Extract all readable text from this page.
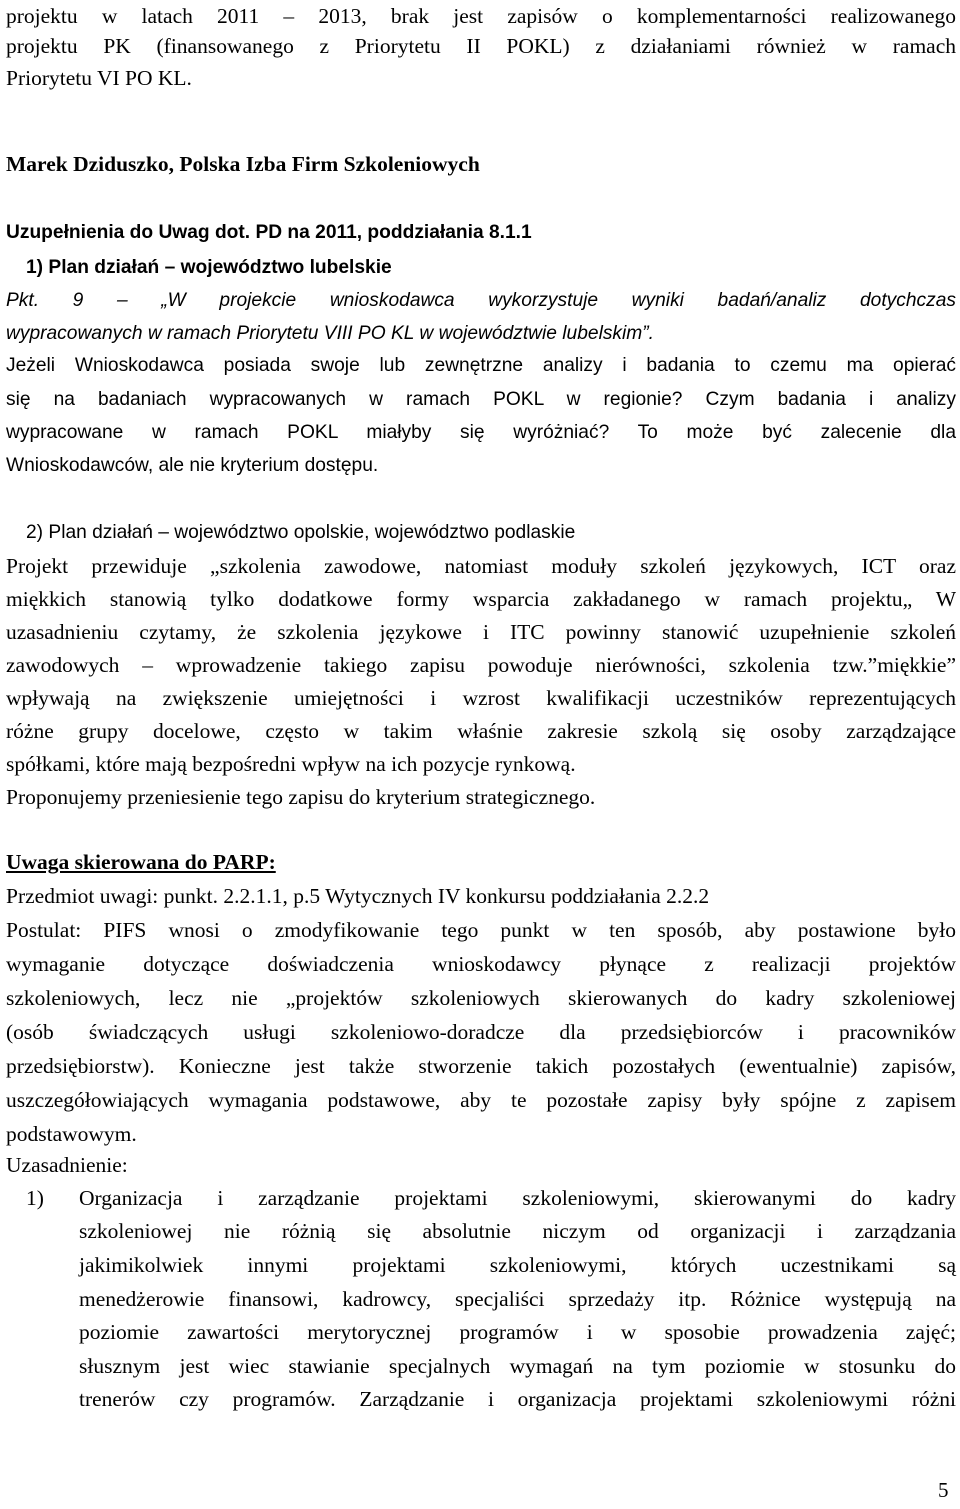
projektu w latach 2011 – 2013, brak jest zapisów o komplementarności realizowanego
projektu PK (finansowanego z Priorytetu II POKL) z działaniami również w ramach
Priorytetu VI PO KL.
Marek Dziduszko, Polska Izba Firm Szkoleniowych
Uzupełnienia do Uwag dot. PD na 2011, poddziałania 8.1.1
1) Plan działań – województwo lubelskie
Pkt. 9 – „W projekcie wnioskodawca wykorzystuje wyniki badań/analiz dotychczas
wypracowanych w ramach Priorytetu VIII PO KL w województwie lubelskim”.
Jeżeli Wnioskodawca posiada swoje lub zewnętrzne analizy i badania to czemu ma opierać
się na badaniach wypracowanych w ramach POKL w regionie? Czym badania i analizy
wypracowane w ramach POKL miałyby się wyróżniać? To może być zalecenie dla
Wnioskodawców, ale nie kryterium dostępu.
2) Plan działań – województwo opolskie, województwo podlaskie
Projekt przewiduje „szkolenia zawodowe, natomiast moduły szkoleń językowych, ICT oraz
miękkich stanowią tylko dodatkowe formy wsparcia zakładanego w ramach projektu„ W
uzasadnieniu czytamy, że szkolenia językowe i ITC powinny stanowić uzupełnienie szkoleń
zawodowych – wprowadzenie takiego zapisu powoduje nierówności, szkolenia tzw.”miękkie”
wpływają na zwiększenie umiejętności i wzrost kwalifikacji uczestników reprezentujących
różne grupy docelowe, często w takim właśnie zakresie szkolą się osoby zarządzające
spółkami, które mają bezpośredni wpływ na ich pozycje rynkową.
Proponujemy przeniesienie tego zapisu do kryterium strategicznego.
Uwaga skierowana do PARP:
Przedmiot uwagi: punkt. 2.2.1.1, p.5 Wytycznych IV konkursu poddziałania 2.2.2
Postulat: PIFS wnosi o zmodyfikowanie tego punkt w ten sposób, aby postawione było
wymaganie dotyczące doświadczenia wnioskodawcy płynące z realizacji projektów
szkoleniowych, lecz nie „projektów szkoleniowych skierowanych do kadry szkoleniowej
(osób świadczących usługi szkoleniowo-doradcze dla przedsiębiorców i pracowników
przedsiębiorstw). Konieczne jest także stworzenie takich pozostałych (ewentualnie) zapisów,
uszczegółowiających wymagania podstawowe, aby te pozostałe zapisy były spójne z zapisem
podstawowym.
Uzasadnienie:
1) Organizacja i zarządzanie projektami szkoleniowymi, skierowanymi do kadry
szkoleniowej nie różnią się absolutnie niczym od organizacji i zarządzania
jakimikolwiek innymi projektami szkoleniowymi, których uczestnikami są
menedżerowie finansowi, kadrowcy, specjaliści sprzedaży itp. Różnice występują na
poziomie zawartości merytorycznej programów i w sposobie prowadzenia zajęć;
słusznym jest wiec stawianie specjalnych wymagań na tym poziomie w stosunku do
trenerów czy programów. Zarządzanie i organizacja projektami szkoleniowymi różni
5
